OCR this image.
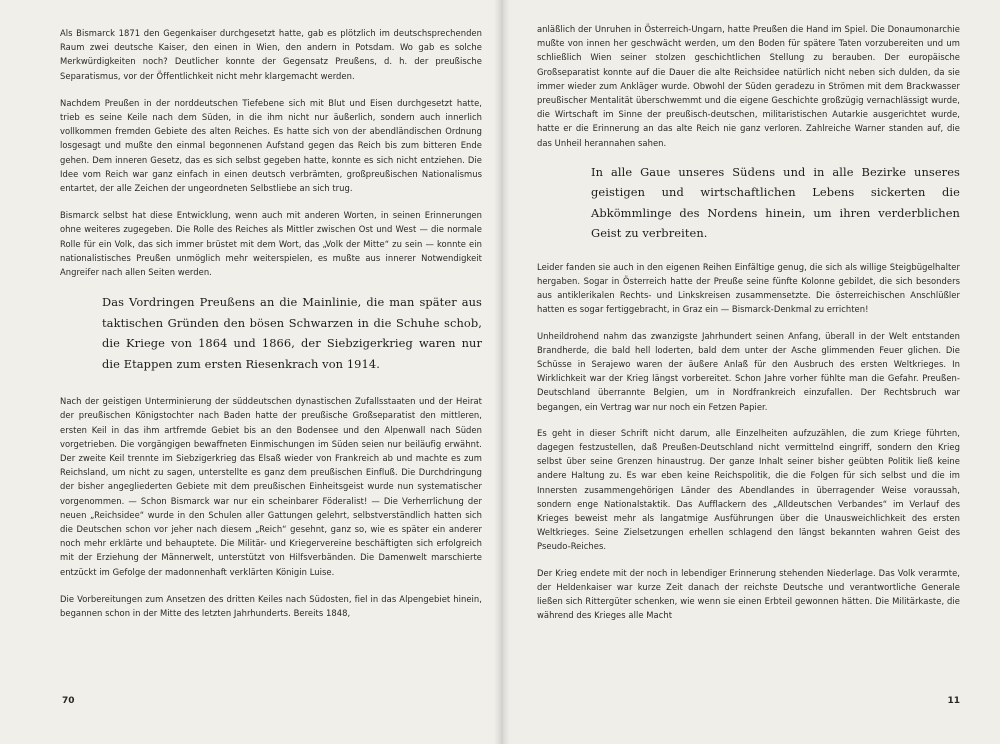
Als Bismarck 1871 den Gegenkaiser durchgesetzt hatte, gab es plötzlich im deutschsprechenden Raum zwei deutsche Kaiser, den einen in Wien, den andern in Potsdam. Wo gab es solche Merkwürdigkeiten noch? Deutlicher konnte der Gegensatz Preußens, d. h. der preußische Separatismus, vor der Öffentlichkeit nicht mehr klargemacht werden.

Nachdem Preußen in der norddeutschen Tiefebene sich mit Blut und Eisen durchgesetzt hatte, trieb es seine Keile nach dem Süden, in die ihm nicht nur äußerlich, sondern auch innerlich vollkommen fremden Gebiete des alten Reiches. Es hatte sich von der abendländischen Ordnung losgesagt und mußte den einmal begonnenen Aufstand gegen das Reich bis zum bitteren Ende gehen. Dem inneren Gesetz, das es sich selbst gegeben hatte, konnte es sich nicht entziehen. Die Idee vom Reich war ganz einfach in einen deutsch verbrämten, großpreußischen Nationalismus entartet, der alle Zeichen der ungeordneten Selbstliebe an sich trug.

Bismarck selbst hat diese Entwicklung, wenn auch mit anderen Worten, in seinen Erinnerungen ohne weiteres zugegeben. Die Rolle des Reiches als Mittler zwischen Ost und West — die normale Rolle für ein Volk, das sich immer brüstet mit dem Wort, das „Volk der Mitte“ zu sein — konnte ein nationalistisches Preußen unmöglich mehr weiterspielen, es mußte aus innerer Notwendigkeit Angreifer nach allen Seiten werden.

Das Vordringen Preußens an die Mainlinie, die man später aus taktischen Gründen den bösen Schwarzen in die Schuhe schob, die Kriege von 1864 und 1866, der Siebzigerkrieg waren nur die Etappen zum ersten Riesenkrach von 1914.

Nach der geistigen Unterminierung der süddeutschen dynastischen Zufallsstaaten und der Heirat der preußischen Königstochter nach Baden hatte der preußische Großseparatist den mittleren, ersten Keil in das ihm artfremde Gebiet bis an den Bodensee und den Alpenwall nach Süden vorgetrieben. Die vorgängigen bewaffneten Einmischungen im Süden seien nur beiläufig erwähnt. Der zweite Keil trennte im Siebzigerkrieg das Elsaß wieder von Frankreich ab und machte es zum Reichsland, um nicht zu sagen, unterstellte es ganz dem preußischen Einfluß. Die Durchdringung der bisher angegliederten Gebiete mit dem preußischen Einheitsgeist wurde nun systematischer vorgenommen. — Schon Bismarck war nur ein scheinbarer Föderalist! — Die Verherrlichung der neuen „Reichsidee“ wurde in den Schulen aller Gattungen gelehrt, selbstverständlich hatten sich die Deutschen schon vor jeher nach diesem „Reich“ gesehnt, ganz so, wie es später ein anderer noch mehr erklärte und behauptete. Die Militär- und Kriegervereine beschäftigten sich erfolgreich mit der Erziehung der Männerwelt, unterstützt von Hilfsverbänden. Die Damenwelt marschierte entzückt im Gefolge der madonnenhaft verklärten Königin Luise.

Die Vorbereitungen zum Ansetzen des dritten Keiles nach Südosten, fiel in das Alpengebiet hinein, begannen schon in der Mitte des letzten Jahrhunderts. Bereits 1848,

70

anläßlich der Unruhen in Österreich-Ungarn, hatte Preußen die Hand im Spiel. Die Donaumonarchie mußte von innen her geschwächt werden, um den Boden für spätere Taten vorzubereiten und um schließlich Wien seiner stolzen geschichtlichen Stellung zu berauben. Der europäische Großseparatist konnte auf die Dauer die alte Reichsidee natürlich nicht neben sich dulden, da sie immer wieder zum Ankläger wurde. Obwohl der Süden geradezu in Strömen mit dem Brackwasser preußischer Mentalität überschwemmt und die eigene Geschichte großzügig vernachlässigt wurde, die Wirtschaft im Sinne der preußisch-deutschen, militaristischen Autarkie ausgerichtet wurde, hatte er die Erinnerung an das alte Reich nie ganz verloren. Zahlreiche Warner standen auf, die das Unheil herannahen sahen.

In alle Gaue unseres Südens und in alle Bezirke unseres geistigen und wirtschaftlichen Lebens sickerten die Abkömmlinge des Nordens hinein, um ihren verderblichen Geist zu verbreiten.

Leider fanden sie auch in den eigenen Reihen Einfältige genug, die sich als willige Steigbügelhalter hergaben. Sogar in Österreich hatte der Preuße seine fünfte Kolonne gebildet, die sich besonders aus antiklerikalen Rechts- und Linkskreisen zusammensetzte. Die österreichischen Anschlüßler hatten es sogar fertiggebracht, in Graz ein — Bismarck-Denkmal zu errichten!

Unheildrohend nahm das zwanzigste Jahrhundert seinen Anfang, überall in der Welt entstanden Brandherde, die bald hell loderten, bald dem unter der Asche glimmenden Feuer glichen. Die Schüsse in Serajewo waren der äußere Anlaß für den Ausbruch des ersten Weltkrieges. In Wirklichkeit war der Krieg längst vorbereitet. Schon Jahre vorher fühlte man die Gefahr. Preußen-Deutschland überrannte Belgien, um in Nordfrankreich einzufallen. Der Rechtsbruch war begangen, ein Vertrag war nur noch ein Fetzen Papier.

Es geht in dieser Schrift nicht darum, alle Einzelheiten aufzuzählen, die zum Kriege führten, dagegen festzustellen, daß Preußen-Deutschland nicht vermittelnd eingriff, sondern den Krieg selbst über seine Grenzen hinaustrug. Der ganze Inhalt seiner bisher geübten Politik ließ keine andere Haltung zu. Es war eben keine Reichspolitik, die die Folgen für sich selbst und die im Innersten zusammengehörigen Länder des Abendlandes in überragender Weise voraussah, sondern enge Nationalstaktik. Das Aufflackern des „Alldeutschen Verbandes“ im Verlauf des Krieges beweist mehr als langatmige Ausführungen über die Unausweichlichkeit des ersten Weltkrieges. Seine Zielsetzungen erhellen schlagend den längst bekannten wahren Geist des Pseudo-Reiches.

Der Krieg endete mit der noch in lebendiger Erinnerung stehenden Niederlage. Das Volk verarmte, der Heldenkaiser war kurze Zeit danach der reichste Deutsche und verantwortliche Generale ließen sich Rittergüter schenken, wie wenn sie einen Erbteil gewonnen hätten. Die Militärkaste, die während des Krieges alle Macht

11
